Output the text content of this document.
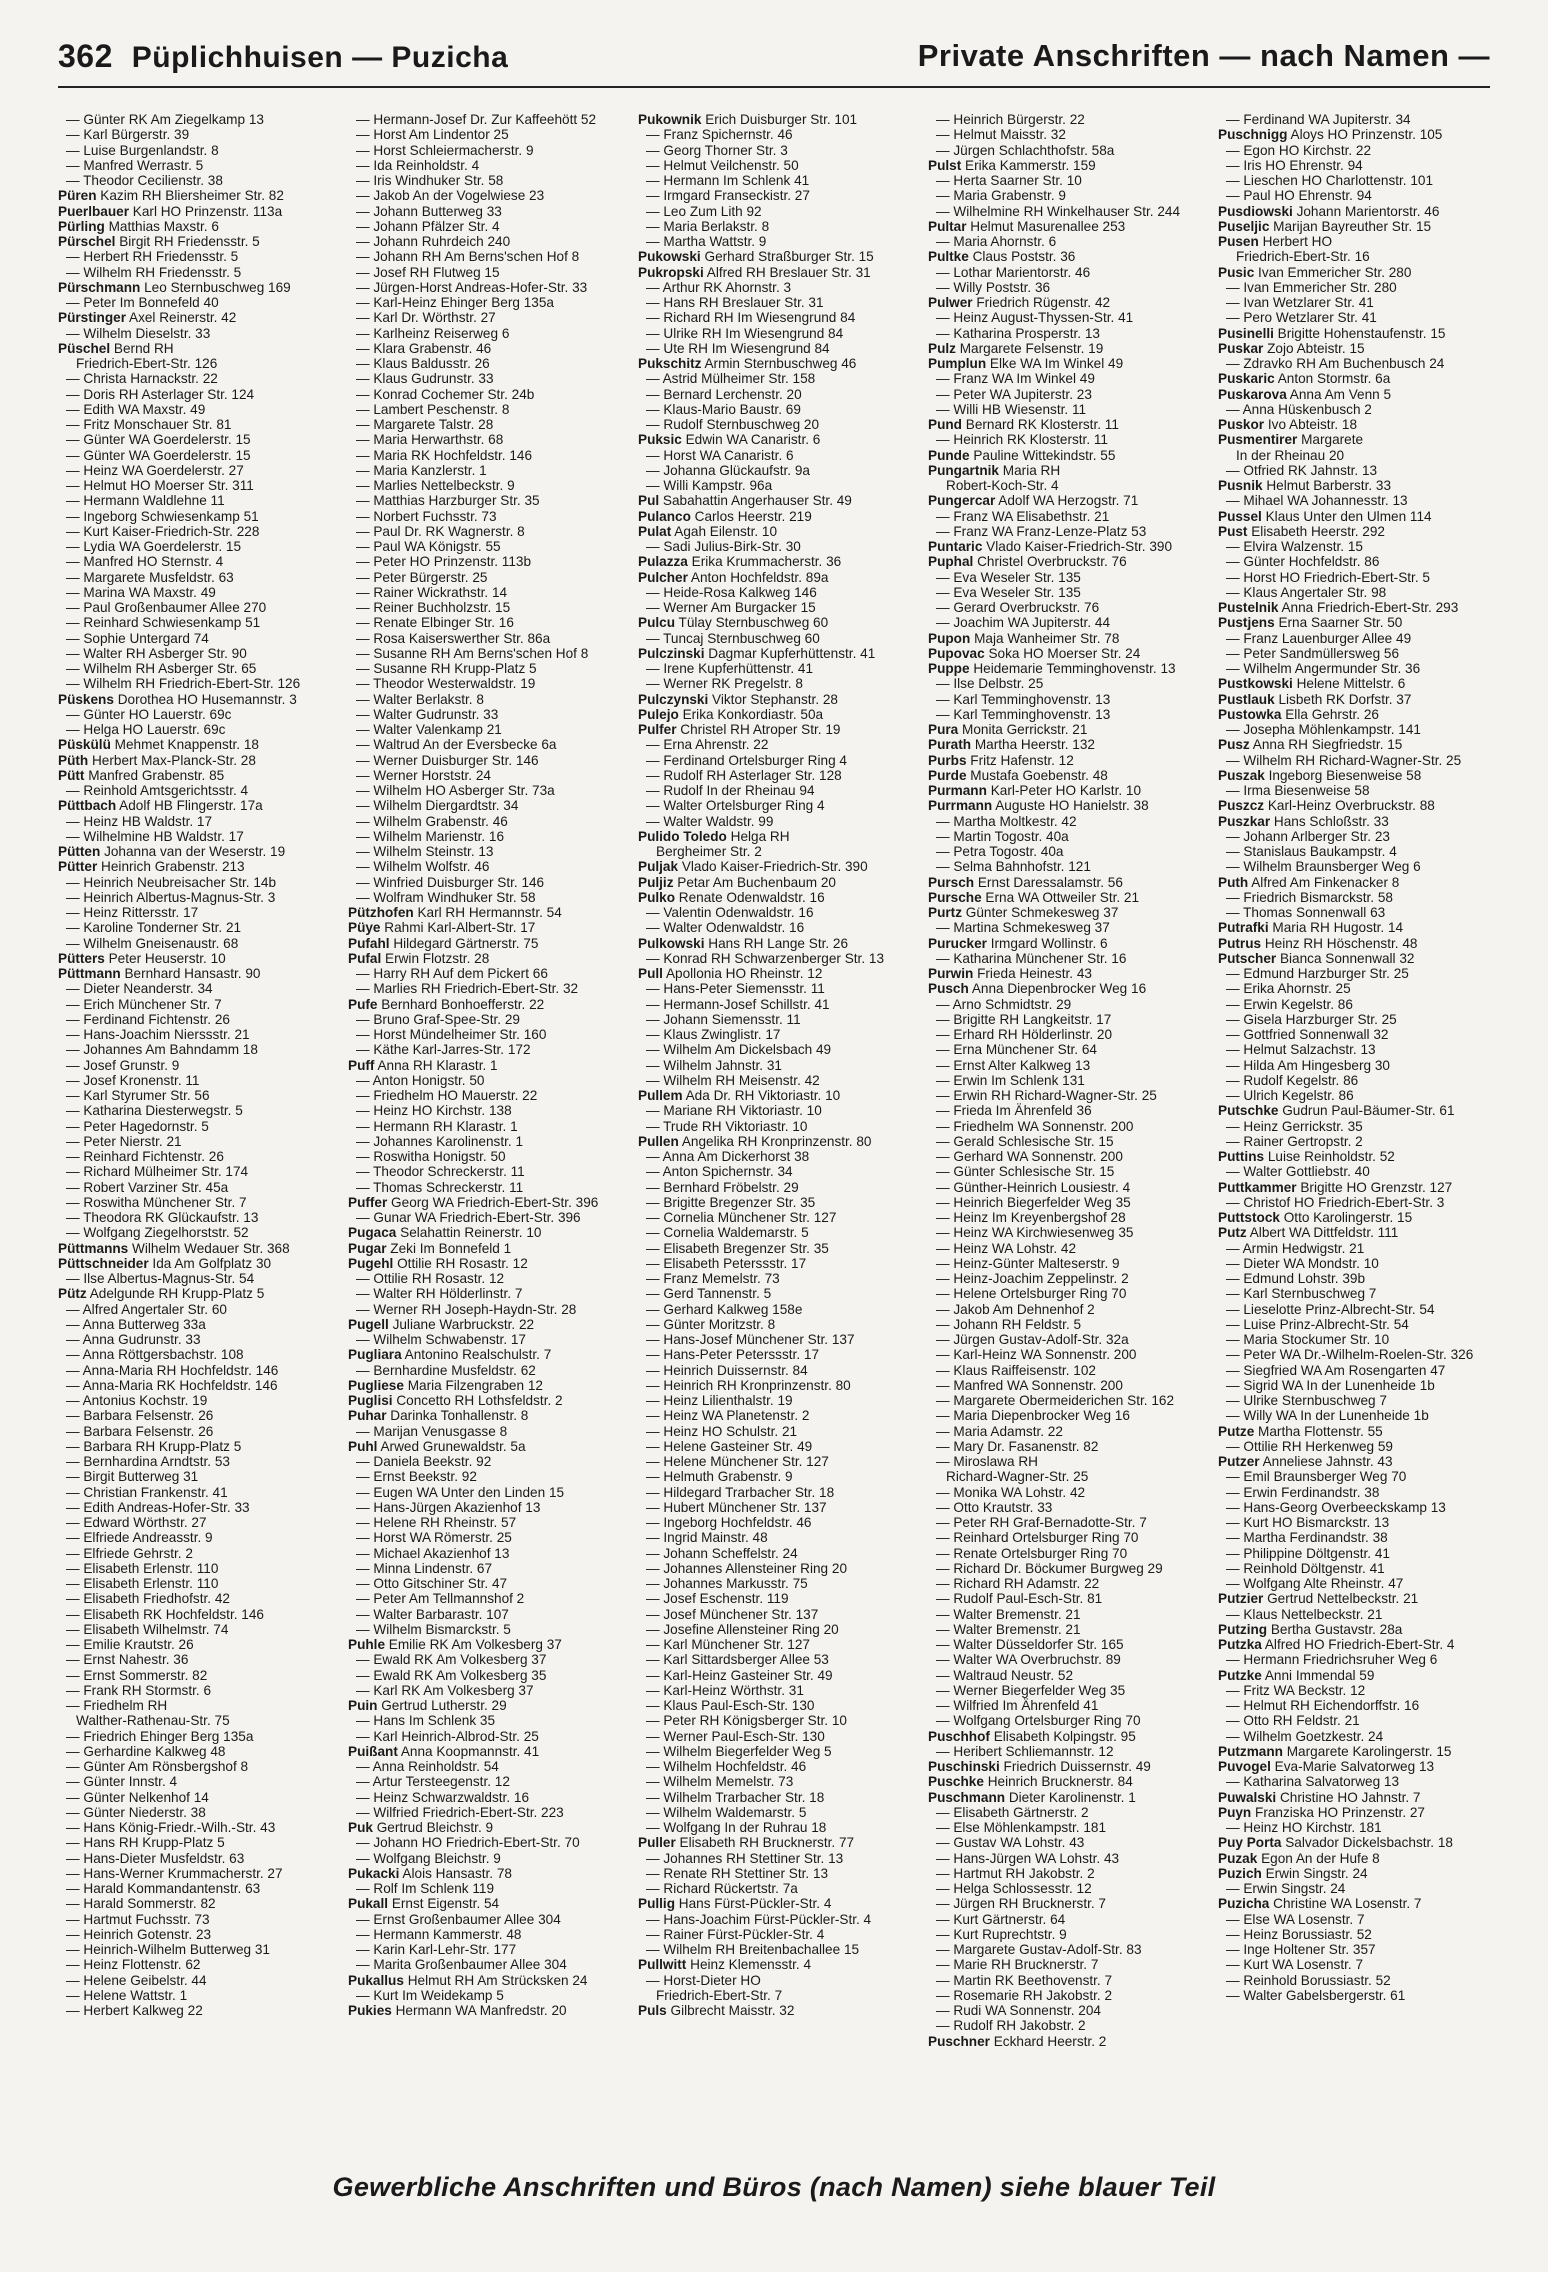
362 Püplichhuisen — Puzicha	Private Anschriften — nach Namen —
— Günter RK Am Ziegelkamp 13
— Karl Bürgerstr. 39
— Luise Burgenlandstr. 8
— Manfred Werrastr. 5
— Theodor Cecilienstr. 38
Püren Kazim RH Bliersheimer Str. 82
Puerlbauer Karl HO Prinzenstr. 113a
Pürling Matthias Maxstr. 6
Pürschel Birgit RH Friedensstr. 5
— Herbert RH Friedensstr. 5
— Wilhelm RH Friedensstr. 5
Pürschmann Leo Sternbuschweg 169
— Peter Im Bonnefeld 40
Pürstinger Axel Reinerstr. 42
— Wilhelm Dieselstr. 33
Püschel Bernd RH
Friedrich-Ebert-Str. 126
— Christa Harnackstr. 22
— Doris RH Asterlager Str. 124
— Edith WA Maxstr. 49
— Fritz Monschauer Str. 81
— Günter WA Goerdelerstr. 15
— Günter WA Goerdelerstr. 15
— Heinz WA Goerdelerstr. 27
— Helmut HO Moerser Str. 311
— Hermann Waldlehne 11
— Ingeborg Schwiesenkamp 51
— Kurt Kaiser-Friedrich-Str. 228
— Lydia WA Goerdelerstr. 15
— Manfred HO Sternstr. 4
— Margarete Musfeldstr. 63
— Marina WA Maxstr. 49
— Paul Großenbaumer Allee 270
— Reinhard Schwiesenkamp 51
— Sophie Untergard 74
— Walter RH Asberger Str. 90
— Wilhelm RH Asberger Str. 65
— Wilhelm RH Friedrich-Ebert-Str. 126
Püskens Dorothea HO Husemannstr. 3
— Günter HO Lauerstr. 69c
— Helga HO Lauerstr. 69c
Püskülü Mehmet Knappenstr. 18
Püth Herbert Max-Planck-Str. 28
Pütt Manfred Grabenstr. 85
— Reinhold Amtsgerichtsstr. 4
Püttbach Adolf HB Flingerstr. 17a
— Heinz HB Waldstr. 17
— Wilhelmine HB Waldstr. 17
Pütten Johanna van der Weserstr. 19
Pütter Heinrich Grabenstr. 213
— Heinrich Neubreisacher Str. 14b
— Heinrich Albertus-Magnus-Str. 3
— Heinz Rittersstr. 17
— Karoline Tonderner Str. 21
— Wilhelm Gneisenaustr. 68
Pütters Peter Heuserstr. 10
Püttmann Bernhard Hansastr. 90
— Dieter Neanderstr. 34
— Erich Münchener Str. 7
— Ferdinand Fichtenstr. 26
— Hans-Joachim Nierssstr. 21
— Johannes Am Bahndamm 18
— Josef Grunstr. 9
— Josef Kronenstr. 11
— Karl Styrumer Str. 56
— Katharina Diesterwegstr. 5
— Peter Hagedornstr. 5
— Peter Nierstr. 21
— Reinhard Fichtenstr. 26
— Richard Mülheimer Str. 174
— Robert Varziner Str. 45a
— Roswitha Münchener Str. 7
— Theodora RK Glückaufstr. 13
— Wolfgang Ziegelhorststr. 52
Püttmanns Wilhelm Wedauer Str. 368
Püttschneider Ida Am Golfplatz 30
— Ilse Albertus-Magnus-Str. 54
Pütz Adelgunde RH Krupp-Platz 5
— Alfred Angertaler Str. 60
— Anna Butterweg 33a
— Anna Gudrunstr. 33
— Anna Röttgersbachstr. 108
— Anna-Maria RH Hochfeldstr. 146
— Anna-Maria RK Hochfeldstr. 146
— Antonius Kochstr. 19
— Barbara Felsenstr. 26
— Barbara Felsenstr. 26
— Barbara RH Krupp-Platz 5
— Bernhardina Arndtstr. 53
— Birgit Butterweg 31
— Christian Frankenstr. 41
— Edith Andreas-Hofer-Str. 33
— Edward Wörthstr. 27
— Elfriede Andreasstr. 9
— Elfriede Gehrstr. 2
— Elisabeth Erlenstr. 110
— Elisabeth Erlenstr. 110
— Elisabeth Friedhofstr. 42
— Elisabeth RK Hochfeldstr. 146
— Elisabeth Wilhelmstr. 74
— Emilie Krautstr. 26
— Ernst Nahestr. 36
— Ernst Sommerstr. 82
— Frank RH Stormstr. 6
— Friedhelm RH
Walther-Rathenau-Str. 75
— Friedrich Ehinger Berg 135a
— Gerhardine Kalkweg 48
— Günter Am Rönsbergshof 8
— Günter Innstr. 4
— Günter Nelkenhof 14
— Günter Niederstr. 38
— Hans König-Friedr.-Wilh.-Str. 43
— Hans RH Krupp-Platz 5
— Hans-Dieter Musfeldstr. 63
— Hans-Werner Krummacherstr. 27
— Harald Kommandantenstr. 63
— Harald Sommerstr. 82
— Hartmut Fuchsstr. 73
— Heinrich Gotenstr. 23
— Heinrich-Wilhelm Butterweg 31
— Heinz Flottenstr. 62
— Helene Geibelstr. 44
— Helene Wattstr. 1
— Herbert Kalkweg 22
— Hermann-Josef Dr. Zur Kaffeehött 52
— Horst Am Lindentor 25
— Horst Schleiermacherstr. 9
— Ida Reinholdstr. 4
— Iris Windhuker Str. 58
— Jakob An der Vogelwiese 23
— Johann Butterweg 33
— Johann Pfälzer Str. 4
— Johann Ruhrdeich 240
— Johann RH Am Berns'schen Hof 8
— Josef RH Flutweg 15
— Jürgen-Horst Andreas-Hofer-Str. 33
— Karl-Heinz Ehinger Berg 135a
— Karl Dr. Wörthstr. 27
— Karlheinz Reiserweg 6
— Klara Grabenstr. 46
— Klaus Baldusstr. 26
— Klaus Gudrunstr. 33
— Konrad Cochemer Str. 24b
— Lambert Peschenstr. 8
— Margarete Talstr. 28
— Maria Herwarthstr. 68
— Maria RK Hochfeldstr. 146
— Maria Kanzlerstr. 1
— Marlies Nettelbeckstr. 9
— Matthias Harzburger Str. 35
— Norbert Fuchsstr. 73
— Paul Dr. RK Wagnerstr. 8
— Paul WA Königstr. 55
— Peter HO Prinzenstr. 113b
— Peter Bürgerstr. 25
— Rainer Wickrathstr. 14
— Reiner Buchholzstr. 15
— Renate Elbinger Str. 16
— Rosa Kaiserswerther Str. 86a
— Susanne RH Am Berns'schen Hof 8
— Susanne RH Krupp-Platz 5
— Theodor Westerwaldstr. 19
— Walter Berlakstr. 8
— Walter Gudrunstr. 33
— Walter Valenkamp 21
— Waltrud An der Eversbecke 6a
— Werner Duisburger Str. 146
— Werner Horststr. 24
— Wilhelm HO Asberger Str. 73a
— Wilhelm Diergardtstr. 34
— Wilhelm Grabenstr. 46
— Wilhelm Marienstr. 16
— Wilhelm Steinstr. 13
— Wilhelm Wolfstr. 46
— Winfried Duisburger Str. 146
— Wolfram Windhuker Str. 58
Pützhofen Karl RH Hermannstr. 54
Püye Rahmi Karl-Albert-Str. 17
Pufahl Hildegard Gärtnerstr. 75
Pufal Erwin Flotzstr. 28
— Harry RH Auf dem Pickert 66
— Marlies RH Friedrich-Ebert-Str. 32
Pufe Bernhard Bonhoefferstr. 22
— Bruno Graf-Spee-Str. 29
— Horst Mündelheimer Str. 160
— Käthe Karl-Jarres-Str. 172
Puff Anna RH Klarastr. 1
— Anton Honigstr. 50
— Friedhelm HO Mauerstr. 22
— Heinz HO Kirchstr. 138
— Hermann RH Klarastr. 1
— Johannes Karolinenstr. 1
— Roswitha Honigstr. 50
— Theodor Schreckerstr. 11
— Thomas Schreckerstr. 11
Puffer Georg WA Friedrich-Ebert-Str. 396
— Gunar WA Friedrich-Ebert-Str. 396
Pugaca Selahattin Reinerstr. 10
Pugar Zeki Im Bonnefeld 1
Pugehl Ottilie RH Rosastr. 12
— Ottilie RH Rosastr. 12
— Walter RH Hölderlinstr. 7
— Werner RH Joseph-Haydn-Str. 28
Pugell Juliane Warbruckstr. 22
— Wilhelm Schwabenstr. 17
Pugliara Antonino Realschulstr. 7
— Bernhardine Musfeldstr. 62
Pugliese Maria Filzengraben 12
Puglisi Concetto RH Lothsfeldstr. 2
Puhar Darinka Tonhallenstr. 8
— Marijan Venusgasse 8
Puhl Arwed Grunewaldstr. 5a
— Daniela Beekstr. 92
— Ernst Beekstr. 92
— Eugen WA Unter den Linden 15
— Hans-Jürgen Akazienhof 13
— Helene RH Rheinstr. 57
— Horst WA Römerstr. 25
— Michael Akazienhof 13
— Minna Lindenstr. 67
— Otto Gitschiner Str. 47
— Peter Am Tellmannshof 2
— Walter Barbarastr. 107
— Wilhelm Bismarckstr. 5
Puhle Emilie RK Am Volkesberg 37
— Ewald RK Am Volkesberg 37
— Ewald RK Am Volkesberg 35
— Karl RK Am Volkesberg 37
Puin Gertrud Lutherstr. 29
— Hans Im Schlenk 35
— Karl Heinrich-Albrod-Str. 25
Puißant Anna Koopmannstr. 41
— Anna Reinholdstr. 54
— Artur Tersteegenstr. 12
— Heinz Schwarzwaldstr. 16
— Wilfried Friedrich-Ebert-Str. 223
Puk Gertrud Bleichstr. 9
— Johann HO Friedrich-Ebert-Str. 70
— Wolfgang Bleichstr. 9
Pukacki Alois Hansastr. 78
— Rolf Im Schlenk 119
Pukall Ernst Eigenstr. 54
— Ernst Großenbaumer Allee 304
— Hermann Kammerstr. 48
— Karin Karl-Lehr-Str. 177
— Marita Großenbaumer Allee 304
Pukallus Helmut RH Am Strücksken 24
— Kurt Im Weidekamp 5
Pukies Hermann WA Manfredstr. 20
Pukownik Erich Duisburger Str. 101
— Franz Spichernstr. 46
— Georg Thorner Str. 3
— Helmut Veilchenstr. 50
— Hermann Im Schlenk 41
— Irmgard Franseckistr. 27
— Leo Zum Lith 92
— Maria Berlakstr. 8
— Martha Wattstr. 9
Pukowski Gerhard Straßburger Str. 15
Pukropski Alfred RH Breslauer Str. 31
— Arthur RK Ahornstr. 3
— Hans RH Breslauer Str. 31
— Richard RH Im Wiesengrund 84
— Ulrike RH Im Wiesengrund 84
— Ute RH Im Wiesengrund 84
Pukschitz Armin Sternbuschweg 46
— Astrid Mülheimer Str. 158
— Bernard Lerchenstr. 20
— Klaus-Mario Baustr. 69
— Rudolf Sternbuschweg 20
Puksic Edwin WA Canaristr. 6
— Horst WA Canaristr. 6
— Johanna Glückaufstr. 9a
— Willi Kampstr. 96a
Pul Sabahattin Angerhauser Str. 49
Pulanco Carlos Heerstr. 219
Pulat Agah Eilenstr. 10
— Sadi Julius-Birk-Str. 30
Pulazza Erika Krummacherstr. 36
Pulcher Anton Hochfeldstr. 89a
— Heide-Rosa Kalkweg 146
— Werner Am Burgacker 15
Pulcu Tülay Sternbuschweg 60
— Tuncaj Sternbuschweg 60
Pulczinski Dagmar Kupferhüttenstr. 41
— Irene Kupferhüttenstr. 41
— Werner RK Pregelstr. 8
Pulczynski Viktor Stephanstr. 28
Pulejo Erika Konkordiastr. 50a
Pulfer Christel RH Atroper Str. 19
— Erna Ahrenstr. 22
— Ferdinand Ortelsburger Ring 4
— Rudolf RH Asterlager Str. 128
— Rudolf In der Rheinau 94
— Walter Ortelsburger Ring 4
— Walter Waldstr. 99
Pulido Toledo Helga RH
Bergheimer Str. 2
Puljak Vlado Kaiser-Friedrich-Str. 390
Puljiz Petar Am Buchenbaum 20
Pulko Renate Odenwaldstr. 16
— Valentin Odenwaldstr. 16
— Walter Odenwaldstr. 16
Pulkowski Hans RH Lange Str. 26
— Konrad RH Schwarzenberger Str. 13
Pull Apollonia HO Rheinstr. 12
— Hans-Peter Siemensstr. 11
— Hermann-Josef Schillstr. 41
— Johann Siemensstr. 11
— Klaus Zwinglistr. 17
— Wilhelm Am Dickelsbach 49
— Wilhelm Jahnstr. 31
— Wilhelm RH Meisenstr. 42
Pullem Ada Dr. RH Viktoriastr. 10
— Mariane RH Viktoriastr. 10
— Trude RH Viktoriastr. 10
Pullen Angelika RH Kronprinzenstr. 80
— Anna Am Dickerhorst 38
— Anton Spichernstr. 34
— Bernhard Fröbelstr. 29
— Brigitte Bregenzer Str. 35
— Cornelia Münchener Str. 127
— Cornelia Waldemarstr. 5
— Elisabeth Bregenzer Str. 35
— Elisabeth Peterssstr. 17
— Franz Memelstr. 73
— Gerd Tannenstr. 5
— Gerhard Kalkweg 158e
— Günter Moritzstr. 8
— Hans-Josef Münchener Str. 137
— Hans-Peter Peterssstr. 17
— Heinrich Duissernstr. 84
— Heinrich RH Kronprinzenstr. 80
— Heinz Lilienthalstr. 19
— Heinz WA Planetenstr. 2
— Heinz HO Schulstr. 21
— Helene Gasteiner Str. 49
— Helene Münchener Str. 127
— Helmuth Grabenstr. 9
— Hildegard Trarbacher Str. 18
— Hubert Münchener Str. 137
— Ingeborg Hochfeldstr. 46
— Ingrid Mainstr. 48
— Johann Scheffelstr. 24
— Johannes Allensteiner Ring 20
— Johannes Markusstr. 75
— Josef Eschenstr. 119
— Josef Münchener Str. 137
— Josefine Allensteiner Ring 20
— Karl Münchener Str. 127
— Karl Sittardsberger Allee 53
— Karl-Heinz Gasteiner Str. 49
— Karl-Heinz Wörthstr. 31
— Klaus Paul-Esch-Str. 130
— Peter RH Königsberger Str. 10
— Werner Paul-Esch-Str. 130
— Wilhelm Biegerfelder Weg 5
— Wilhelm Hochfeldstr. 46
— Wilhelm Memelstr. 73
— Wilhelm Trarbacher Str. 18
— Wilhelm Waldemarstr. 5
— Wolfgang In der Ruhrau 18
Puller Elisabeth RH Brucknerstr. 77
— Johannes RH Stettiner Str. 13
— Renate RH Stettiner Str. 13
— Richard Rückertstr. 7a
Pullig Hans Fürst-Pückler-Str. 4
— Hans-Joachim Fürst-Pückler-Str. 4
— Rainer Fürst-Pückler-Str. 4
— Wilhelm RH Breitenbachallee 15
Pullwitt Heinz Klemensstr. 4
— Horst-Dieter HO
Friedrich-Ebert-Str. 7
Puls Gilbrecht Maisstr. 32
— Heinrich Bürgerstr. 22
— Helmut Maisstr. 32
— Jürgen Schlachthofstr. 58a
Pulst Erika Kammerstr. 159
— Herta Saarner Str. 10
— Maria Grabenstr. 9
— Wilhelmine RH Winkelhauser Str. 244
Pultar Helmut Masurenallee 253
— Maria Ahornstr. 6
Pultke Claus Poststr. 36
— Lothar Marientorstr. 46
— Willy Poststr. 36
Pulwer Friedrich Rügenstr. 42
— Heinz August-Thyssen-Str. 41
— Katharina Prosperstr. 13
Pulz Margarete Felsenstr. 19
Pumplun Elke WA Im Winkel 49
— Franz WA Im Winkel 49
— Peter WA Jupiterstr. 23
— Willi HB Wiesenstr. 11
Pund Bernard RK Klosterstr. 11
— Heinrich RK Klosterstr. 11
Punde Pauline Wittekindstr. 55
Pungartnik Maria RH
Robert-Koch-Str. 4
Pungercar Adolf WA Herzogstr. 71
— Franz WA Elisabethstr. 21
— Franz WA Franz-Lenze-Platz 53
Puntaric Vlado Kaiser-Friedrich-Str. 390
Puphal Christel Overbruckstr. 76
— Eva Weseler Str. 135
— Eva Weseler Str. 135
— Gerard Overbruckstr. 76
— Joachim WA Jupiterstr. 44
Pupon Maja Wanheimer Str. 78
Pupovac Soka HO Moerser Str. 24
Puppe Heidemarie Temminghovenstr. 13
— Ilse Delbstr. 25
— Karl Temminghovenstr. 13
— Karl Temminghovenstr. 13
Pura Monita Gerrickstr. 21
Purath Martha Heerstr. 132
Purbs Fritz Hafenstr. 12
Purde Mustafa Goebenstr. 48
Purmann Karl-Peter HO Karlstr. 10
Purrmann Auguste HO Hanielstr. 38
— Martha Moltkestr. 42
— Martin Togostr. 40a
— Petra Togostr. 40a
— Selma Bahnhofstr. 121
Pursch Ernst Daressalamstr. 56
Pursche Erna WA Ottweiler Str. 21
Purtz Günter Schmekesweg 37
— Martina Schmekesweg 37
Purucker Irmgard Wollinstr. 6
— Katharina Münchener Str. 16
Purwin Frieda Heinestr. 43
Pusch Anna Diepenbrocker Weg 16
— Arno Schmidtstr. 29
— Brigitte RH Langkeitstr. 17
— Erhard RH Hölderlinstr. 20
— Erna Münchener Str. 64
— Ernst Alter Kalkweg 13
— Erwin Im Schlenk 131
— Erwin RH Richard-Wagner-Str. 25
— Frieda Im Ährenfeld 36
— Friedhelm WA Sonnenstr. 200
— Gerald Schlesische Str. 15
— Gerhard WA Sonnenstr. 200
— Günter Schlesische Str. 15
— Günther-Heinrich Lousiestr. 4
— Heinrich Biegerfelder Weg 35
— Heinz Im Kreyenbergshof 28
— Heinz WA Kirchwiesenweg 35
— Heinz WA Lohstr. 42
— Heinz-Günter Malteserstr. 9
— Heinz-Joachim Zeppelinstr. 2
— Helene Ortelsburger Ring 70
— Jakob Am Dehnenhof 2
— Johann RH Feldstr. 5
— Jürgen Gustav-Adolf-Str. 32a
— Karl-Heinz WA Sonnenstr. 200
— Klaus Raiffeisenstr. 102
— Manfred WA Sonnenstr. 200
— Margarete Obermeiderichen Str. 162
— Maria Diepenbrocker Weg 16
— Maria Adamstr. 22
— Mary Dr. Fasanenstr. 82
— Miroslawa RH
Richard-Wagner-Str. 25
— Monika WA Lohstr. 42
— Otto Krautstr. 33
— Peter RH Graf-Bernadotte-Str. 7
— Reinhard Ortelsburger Ring 70
— Renate Ortelsburger Ring 70
— Richard Dr. Böckumer Burgweg 29
— Richard RH Adamstr. 22
— Rudolf Paul-Esch-Str. 81
— Walter Bremenstr. 21
— Walter Bremenstr. 21
— Walter Düsseldorfer Str. 165
— Walter WA Overbruchstr. 89
— Waltraud Neustr. 52
— Werner Biegerfelder Weg 35
— Wilfried Im Ährenfeld 41
— Wolfgang Ortelsburger Ring 70
Puschhof Elisabeth Kolpingstr. 95
— Heribert Schliemannstr. 12
Puschinski Friedrich Duissernstr. 49
Puschke Heinrich Brucknerstr. 84
Puschmann Dieter Karolinenstr. 1
— Elisabeth Gärtnerstr. 2
— Else Möhlenkampstr. 181
— Gustav WA Lohstr. 43
— Hans-Jürgen WA Lohstr. 43
— Hartmut RH Jakobstr. 2
— Helga Schlossesstr. 12
— Jürgen RH Brucknerstr. 7
— Kurt Gärtnerstr. 64
— Kurt Ruprechtstr. 9
— Margarete Gustav-Adolf-Str. 83
— Marie RH Brucknerstr. 7
— Martin RK Beethovenstr. 7
— Rosemarie RH Jakobstr. 2
— Rudi WA Sonnenstr. 204
— Rudolf RH Jakobstr. 2
Puschner Eckhard Heerstr. 2
— Ferdinand WA Jupiterstr. 34
Puschnigg Aloys HO Prinzenstr. 105
— Egon HO Kirchstr. 22
— Iris HO Ehrenstr. 94
— Lieschen HO Charlottenstr. 101
— Paul HO Ehrenstr. 94
Pusdiowski Johann Marientorstr. 46
Puseljic Marijan Bayreuther Str. 15
Pusen Herbert HO
Friedrich-Ebert-Str. 16
Pusic Ivan Emmericher Str. 280
— Ivan Emmericher Str. 280
— Ivan Wetzlarer Str. 41
— Pero Wetzlarer Str. 41
Pusinelli Brigitte Hohenstaufenstr. 15
Puskar Zojo Abteistr. 15
— Zdravko RH Am Buchenbusch 24
Puskaric Anton Stormstr. 6a
Puskarova Anna Am Venn 5
— Anna Hüskenbusch 2
Puskor Ivo Abteistr. 18
Pusmentirer Margarete
In der Rheinau 20
— Otfried RK Jahnstr. 13
Pusnik Helmut Barberstr. 33
— Mihael WA Johannesstr. 13
Pussel Klaus Unter den Ulmen 114
Pust Elisabeth Heerstr. 292
— Elvira Walzenstr. 15
— Günter Hochfeldstr. 86
— Horst HO Friedrich-Ebert-Str. 5
— Klaus Angertaler Str. 98
Pustelnik Anna Friedrich-Ebert-Str. 293
Pustjens Erna Saarner Str. 50
— Franz Lauenburger Allee 49
— Peter Sandmüllersweg 56
— Wilhelm Angermunder Str. 36
Pustkowski Helene Mittelstr. 6
Pustlauk Lisbeth RK Dorfstr. 37
Pustowka Ella Gehrstr. 26
— Josepha Möhlenkampstr. 141
Pusz Anna RH Siegfriedstr. 15
— Wilhelm RH Richard-Wagner-Str. 25
Puszak Ingeborg Biesenweise 58
— Irma Biesenweise 58
Puszcz Karl-Heinz Overbruckstr. 88
Puszkar Hans Schloßstr. 33
— Johann Arlberger Str. 23
— Stanislaus Baukampstr. 4
— Wilhelm Braunsberger Weg 6
Puth Alfred Am Finkenacker 8
— Friedrich Bismarckstr. 58
— Thomas Sonnenwall 63
Putrafki Maria RH Hugostr. 14
Putrus Heinz RH Höschenstr. 48
Putscher Bianca Sonnenwall 32
— Edmund Harzburger Str. 25
— Erika Ahornstr. 25
— Erwin Kegelstr. 86
— Gisela Harzburger Str. 25
— Gottfried Sonnenwall 32
— Helmut Salzachstr. 13
— Hilda Am Hingesberg 30
— Rudolf Kegelstr. 86
— Ulrich Kegelstr. 86
Putschke Gudrun Paul-Bäumer-Str. 61
— Heinz Gerrickstr. 35
— Rainer Gertropstr. 2
Puttins Luise Reinholdstr. 52
— Walter Gottliebstr. 40
Puttkammer Brigitte HO Grenzstr. 127
— Christof HO Friedrich-Ebert-Str. 3
Puttstock Otto Karolingerstr. 15
Putz Albert WA Dittfeldstr. 111
— Armin Hedwigstr. 21
— Dieter WA Mondstr. 10
— Edmund Lohstr. 39b
— Karl Sternbuschweg 7
— Lieselotte Prinz-Albrecht-Str. 54
— Luise Prinz-Albrecht-Str. 54
— Maria Stockumer Str. 10
— Peter WA Dr.-Wilhelm-Roelen-Str. 326
— Siegfried WA Am Rosengarten 47
— Sigrid WA In der Lunenheide 1b
— Ulrike Sternbuschweg 7
— Willy WA In der Lunenheide 1b
Putze Martha Flottenstr. 55
— Ottilie RH Herkenweg 59
Putzer Anneliese Jahnstr. 43
— Emil Braunsberger Weg 70
— Erwin Ferdinandstr. 38
— Hans-Georg Overbeeckskamp 13
— Kurt HO Bismarckstr. 13
— Martha Ferdinandstr. 38
— Philippine Döltgenstr. 41
— Reinhold Döltgenstr. 41
— Wolfgang Alte Rheinstr. 47
Putzier Gertrud Nettelbeckstr. 21
— Klaus Nettelbeckstr. 21
Putzing Bertha Gustavstr. 28a
Putzka Alfred HO Friedrich-Ebert-Str. 4
— Hermann Friedrichsruher Weg 6
Putzke Anni Immendal 59
— Fritz WA Beckstr. 12
— Helmut RH Eichendorffstr. 16
— Otto RH Feldstr. 21
— Wilhelm Goetzkestr. 24
Putzmann Margarete Karolingerstr. 15
Puvogel Eva-Marie Salvatorweg 13
— Katharina Salvatorweg 13
Puwalski Christine HO Jahnstr. 7
Puyn Franziska HO Prinzenstr. 27
— Heinz HO Kirchstr. 181
Puy Porta Salvador Dickelsbachstr. 18
Puzak Egon An der Hufe 8
Puzich Erwin Singstr. 24
— Erwin Singstr. 24
Puzicha Christine WA Losenstr. 7
— Else WA Losenstr. 7
— Heinz Borussiastr. 52
— Inge Holtener Str. 357
— Kurt WA Losenstr. 7
— Reinhold Borussiastr. 52
— Walter Gabelsbergerstr. 61
Gewerbliche Anschriften und Büros (nach Namen) siehe blauer Teil
